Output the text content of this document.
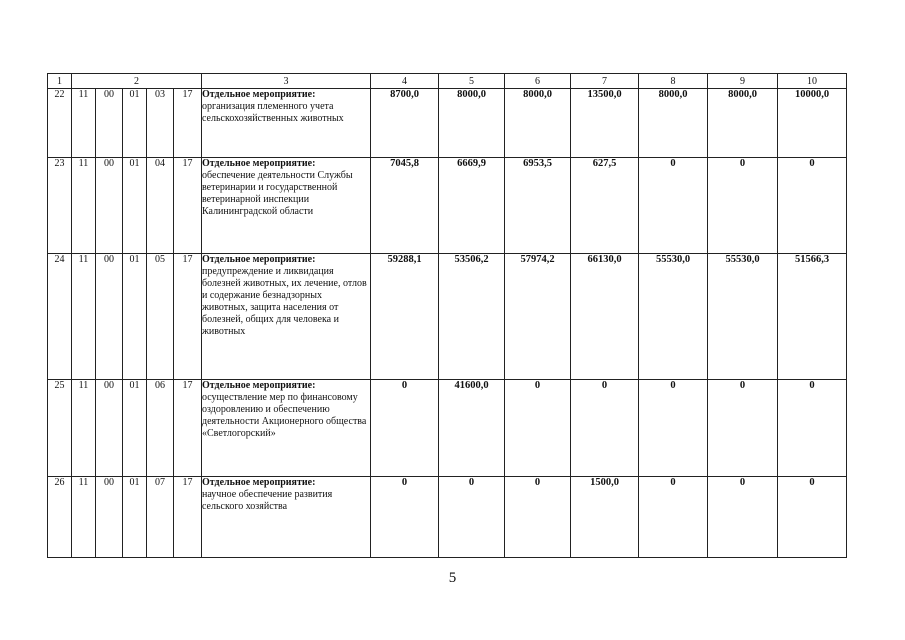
1	2					3	4	5	6	7	8	9	10
22	11	00	01	03	17	Отдельное мероприятие:
организация племенного учета сельскохозяйственных животных	8700,0	8000,0	8000,0	13500,0	8000,0	8000,0	10000,0
23	11	00	01	04	17	Отдельное мероприятие:
обеспечение деятельности Службы ветеринарии и государственной ветеринарной инспекции Калининградской области	7045,8	6669,9	6953,5	627,5	0	0	0
24	11	00	01	05	17	Отдельное мероприятие:
предупреждение и ликвидация болезней животных, их лечение, отлов и содержание безнадзорных животных, защита населения от болезней, общих для человека и животных	59288,1	53506,2	57974,2	66130,0	55530,0	55530,0	51566,3
25	11	00	01	06	17	Отдельное мероприятие:
осуществление мер по финансовому оздоровлению и обеспечению деятельности Акционерного общества «Светлогорский»	0	41600,0	0	0	0	0	0
26	11	00	01	07	17	Отдельное мероприятие:
научное обеспечение развития сельского хозяйства	0	0	0	1500,0	0	0	0
5
